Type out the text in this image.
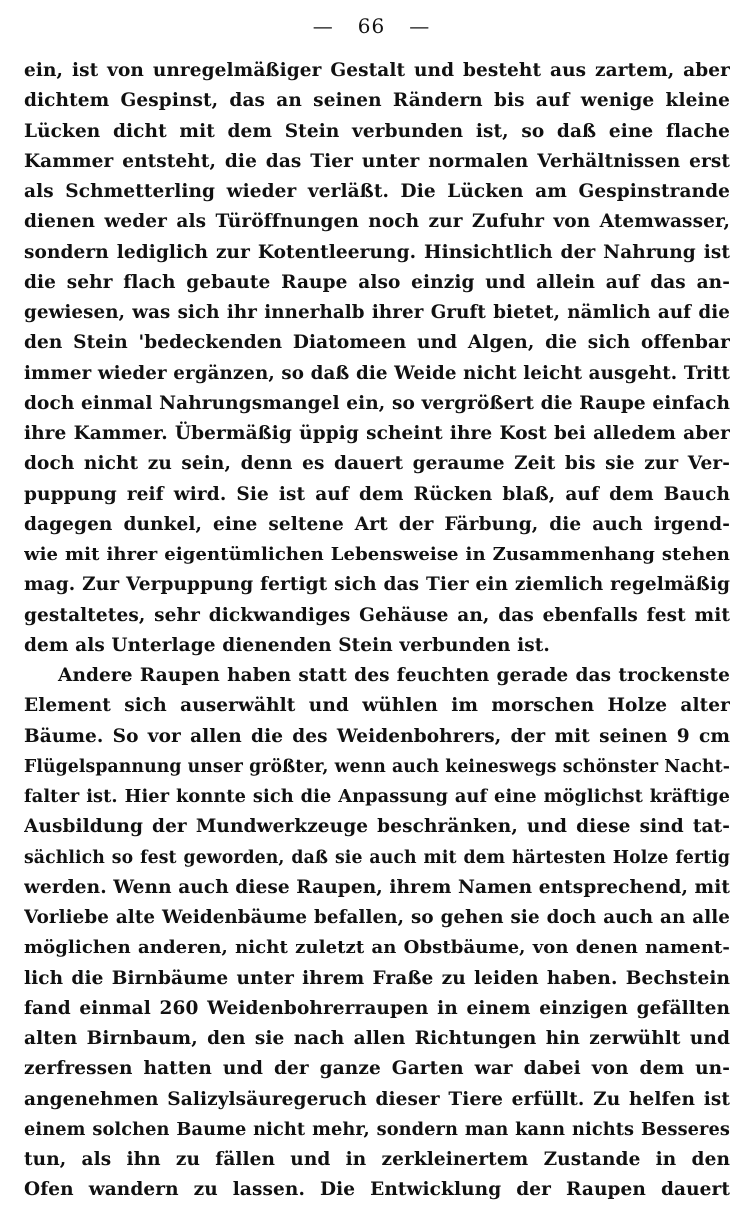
— 66 —
ein, ist von unregelmäßiger Gestalt und besteht aus zartem, aber
dichtem Gespinst, das an seinen Rändern bis auf wenige kleine
Lücken dicht mit dem Stein verbunden ist, so daß eine flache
Kammer entsteht, die das Tier unter normalen Verhältnissen erst
als Schmetterling wieder verläßt. Die Lücken am Gespinstrande
dienen weder als Türöffnungen noch zur Zufuhr von Atemwasser,
sondern lediglich zur Kotentleerung. Hinsichtlich der Nahrung ist
die sehr flach gebaute Raupe also einzig und allein auf das an-
gewiesen, was sich ihr innerhalb ihrer Gruft bietet, nämlich auf die
den Stein 'bedeckenden Diatomeen und Algen, die sich offenbar
immer wieder ergänzen, so daß die Weide nicht leicht ausgeht. Tritt
doch einmal Nahrungsmangel ein, so vergrößert die Raupe einfach
ihre Kammer. Übermäßig üppig scheint ihre Kost bei alledem aber
doch nicht zu sein, denn es dauert geraume Zeit bis sie zur Ver-
puppung reif wird. Sie ist auf dem Rücken blaß, auf dem Bauch
dagegen dunkel, eine seltene Art der Färbung, die auch irgend-
wie mit ihrer eigentümlichen Lebensweise in Zusammenhang stehen
mag. Zur Verpuppung fertigt sich das Tier ein ziemlich regelmäßig
gestaltetes, sehr dickwandiges Gehäuse an, das ebenfalls fest mit
dem als Unterlage dienenden Stein verbunden ist.
Andere Raupen haben statt des feuchten gerade das trockenste
Element sich auserwählt und wühlen im morschen Holze alter
Bäume. So vor allen die des Weidenbohrers, der mit seinen 9 cm
Flügelspannung unser größter, wenn auch keineswegs schönster Nacht-
falter ist. Hier konnte sich die Anpassung auf eine möglichst kräftige
Ausbildung der Mundwerkzeuge beschränken, und diese sind tat-
sächlich so fest geworden, daß sie auch mit dem härtesten Holze fertig
werden. Wenn auch diese Raupen, ihrem Namen entsprechend, mit
Vorliebe alte Weidenbäume befallen, so gehen sie doch auch an alle
möglichen anderen, nicht zuletzt an Obstbäume, von denen nament-
lich die Birnbäume unter ihrem Fraße zu leiden haben. Bechstein
fand einmal 260 Weidenbohrerraupen in einem einzigen gefällten
alten Birnbaum, den sie nach allen Richtungen hin zerwühlt und
zerfressen hatten und der ganze Garten war dabei von dem un-
angenehmen Salizylsäuregeruch dieser Tiere erfüllt. Zu helfen ist
einem solchen Baume nicht mehr, sondern man kann nichts Besseres
tun, als ihn zu fällen und in zerkleinertem Zustande in den
Ofen wandern zu lassen. Die Entwicklung der Raupen dauert
